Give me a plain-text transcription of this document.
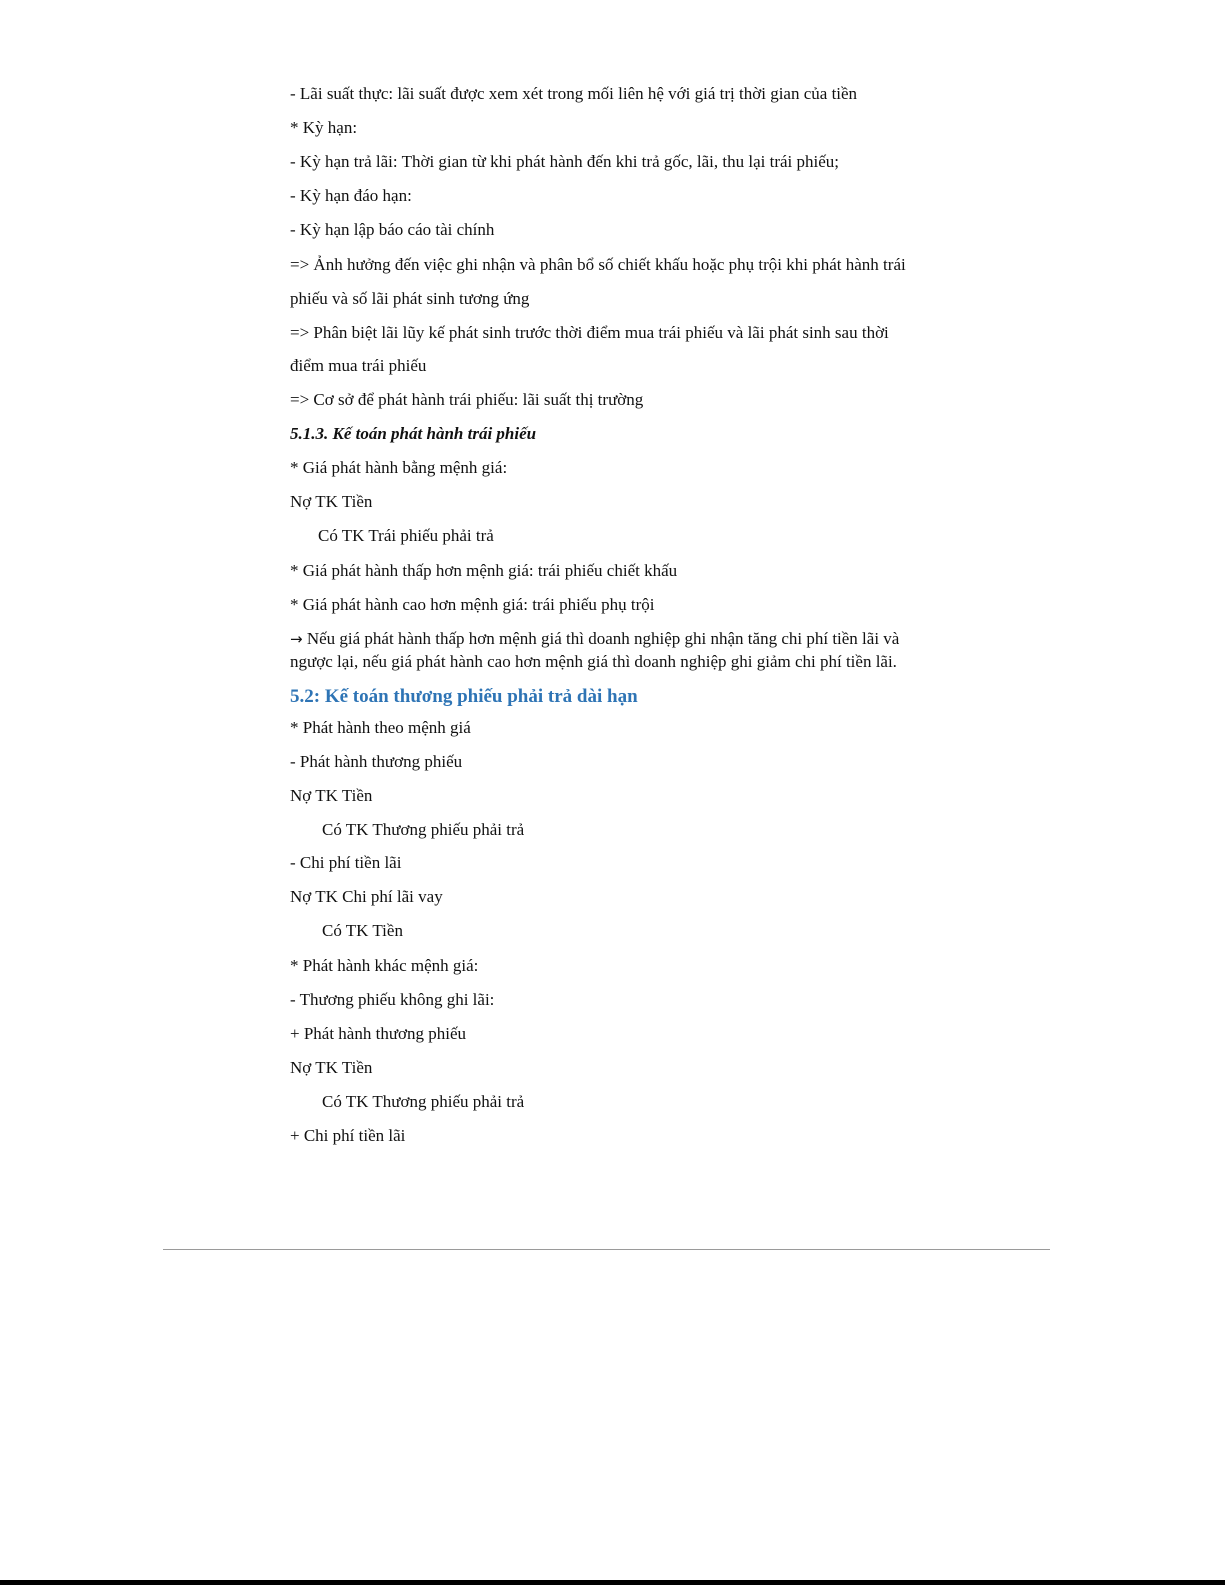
- Lãi suất thực: lãi suất được xem xét trong mối liên hệ với giá trị thời gian của tiền
* Kỳ hạn:
- Kỳ hạn trả lãi: Thời gian từ khi phát hành đến khi trả gốc, lãi, thu lại trái phiếu;
- Kỳ hạn đáo hạn:
- Kỳ hạn lập báo cáo tài chính
=> Ảnh hưởng đến việc ghi nhận và phân bổ số chiết khấu hoặc phụ trội khi phát hành trái
phiếu và số lãi phát sinh tương ứng
=> Phân biệt lãi lũy kế phát sinh trước thời điểm mua trái phiếu và lãi phát sinh sau thời
điểm mua trái phiếu
=> Cơ sở để phát hành trái phiếu: lãi suất thị trường
5.1.3. Kế toán phát hành trái phiếu
* Giá phát hành bằng mệnh giá:
Nợ TK Tiền
Có TK Trái phiếu phải trả
* Giá phát hành thấp hơn mệnh giá: trái phiếu chiết khấu
* Giá phát hành cao hơn mệnh giá: trái phiếu phụ trội
→ Nếu giá phát hành thấp hơn mệnh giá thì doanh nghiệp ghi nhận tăng chi phí tiền lãi và
ngược lại, nếu giá phát hành cao hơn mệnh giá thì doanh nghiệp ghi giảm chi phí tiền lãi.
5.2: Kế toán thương phiếu phải trả dài hạn
* Phát hành theo mệnh giá
- Phát hành thương phiếu
Nợ TK Tiền
Có TK Thương phiếu phải trả
- Chi phí tiền lãi
Nợ TK Chi phí lãi vay
Có TK Tiền
* Phát hành khác mệnh giá:
- Thương phiếu không ghi lãi:
+ Phát hành thương phiếu
Nợ TK Tiền
Có TK Thương phiếu phải trả
+ Chi phí tiền lãi
